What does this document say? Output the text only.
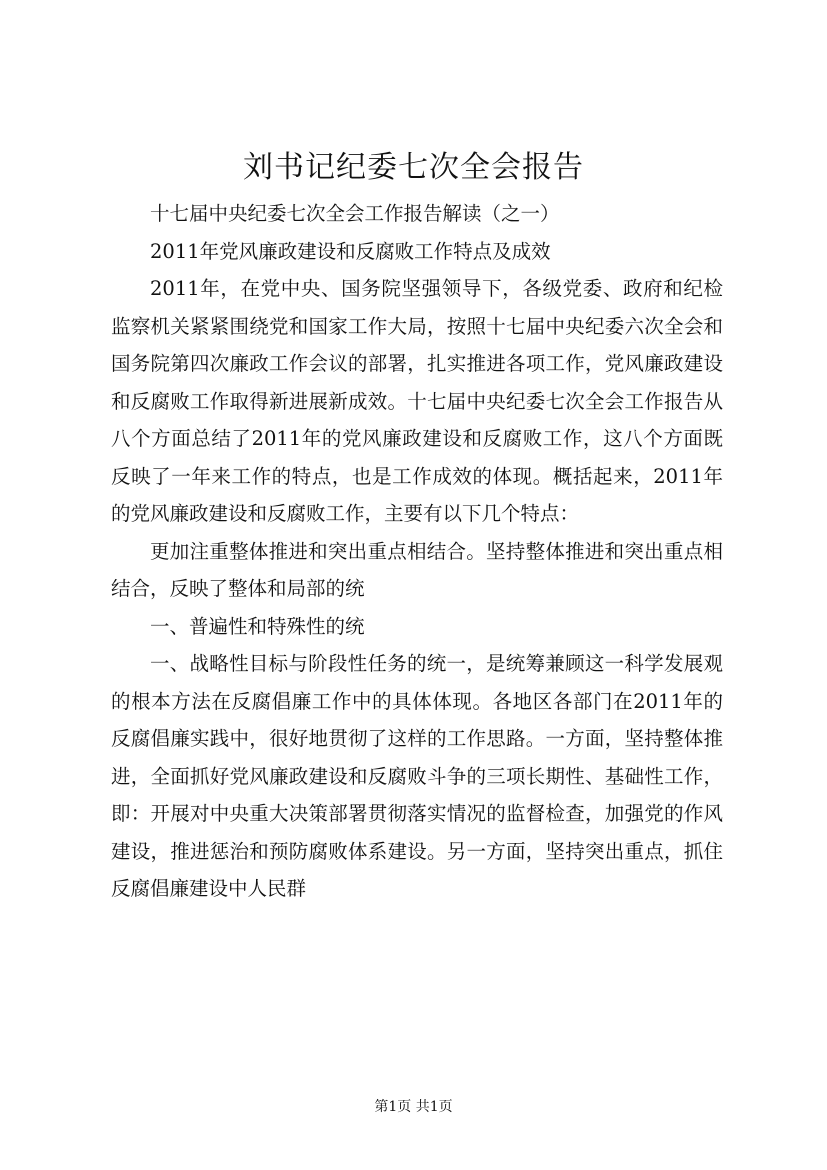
刘书记纪委七次全会报告

十七届中央纪委七次全会工作报告解读（之一）

2011年党风廉政建设和反腐败工作特点及成效

2011年，在党中央、国务院坚强领导下，各级党委、政府和纪检监察机关紧紧围绕党和国家工作大局，按照十七届中央纪委六次全会和国务院第四次廉政工作会议的部署，扎实推进各项工作，党风廉政建设和反腐败工作取得新进展新成效。十七届中央纪委七次全会工作报告从八个方面总结了2011年的党风廉政建设和反腐败工作，这八个方面既反映了一年来工作的特点，也是工作成效的体现。概括起来，2011年的党风廉政建设和反腐败工作，主要有以下几个特点：

更加注重整体推进和突出重点相结合。坚持整体推进和突出重点相结合，反映了整体和局部的统

一、普遍性和特殊性的统

一、战略性目标与阶段性任务的统一，是统筹兼顾这一科学发展观的根本方法在反腐倡廉工作中的具体体现。各地区各部门在2011年的反腐倡廉实践中，很好地贯彻了这样的工作思路。一方面，坚持整体推进，全面抓好党风廉政建设和反腐败斗争的三项长期性、基础性工作，即：开展对中央重大决策部署贯彻落实情况的监督检查，加强党的作风建设，推进惩治和预防腐败体系建设。另一方面，坚持突出重点，抓住反腐倡廉建设中人民群

第1页 共1页
